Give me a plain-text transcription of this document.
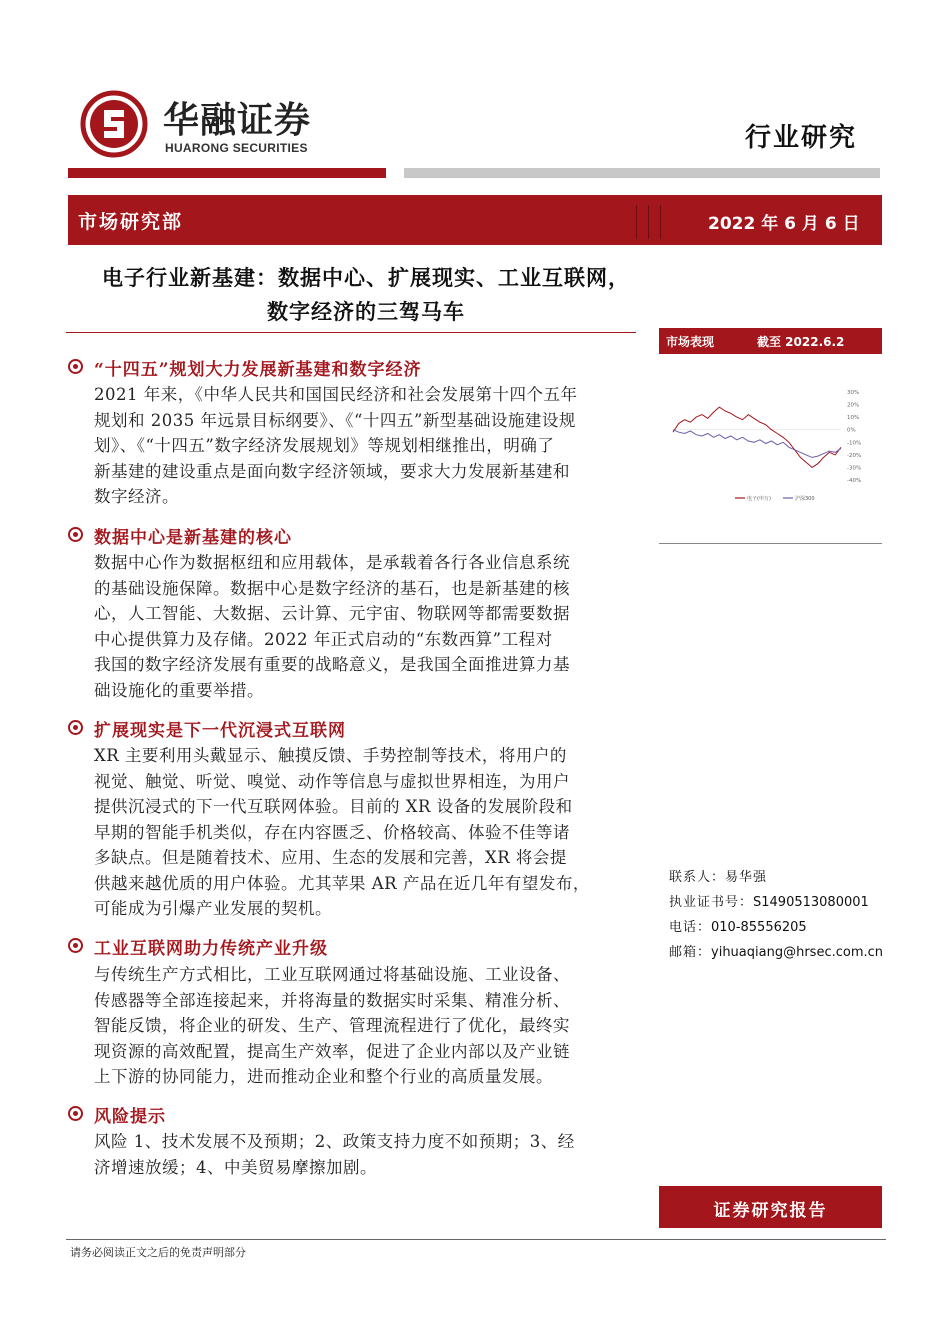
华融证券
HUARONG SECURITIES	行业研究
市场研究部	2022 年 6 月 6 日
电子行业新基建：数据中心、扩展现实、工业互联网，
数字经济的三驾马车
“十四五”规划大力发展新基建和数字经济
2021 年来，《中华人民共和国国民经济和社会发展第十四个五年
规划和 2035 年远景目标纲要》、《“十四五”新型基础设施建设规
划》、《“十四五”数字经济发展规划》等规划相继推出，明确了
新基建的建设重点是面向数字经济领域，要求大力发展新基建和
数字经济。
数据中心是新基建的核心
数据中心作为数据枢纽和应用载体，是承载着各行各业信息系统
的基础设施保障。数据中心是数字经济的基石，也是新基建的核
心，人工智能、大数据、云计算、元宇宙、物联网等都需要数据
中心提供算力及存储。2022 年正式启动的“东数西算”工程对
我国的数字经济发展有重要的战略意义，是我国全面推进算力基
础设施化的重要举措。
扩展现实是下一代沉浸式互联网
XR 主要利用头戴显示、触摸反馈、手势控制等技术，将用户的
视觉、触觉、听觉、嗅觉、动作等信息与虚拟世界相连，为用户
提供沉浸式的下一代互联网体验。目前的 XR 设备的发展阶段和
早期的智能手机类似，存在内容匮乏、价格较高、体验不佳等诸
多缺点。但是随着技术、应用、生态的发展和完善，XR 将会提
供越来越优质的用户体验。尤其苹果 AR 产品在近几年有望发布，
可能成为引爆产业发展的契机。
工业互联网助力传统产业升级
与传统生产方式相比，工业互联网通过将基础设施、工业设备、
传感器等全部连接起来，并将海量的数据实时采集、精准分析、
智能反馈，将企业的研发、生产、管理流程进行了优化，最终实
现资源的高效配置，提高生产效率，促进了企业内部以及产业链
上下游的协同能力，进而推动企业和整个行业的高质量发展。
风险提示
风险 1、技术发展不及预期；2、政策支持力度不如预期；3、经
济增速放缓；4、中美贸易摩擦加剧。
市场表现	截至 2022.6.2
30%
20%
10%
0%
-10%
-20%
-30%
-40%
电子(申万)	沪深300
联系人：易华强
执业证书号：S1490513080001
电话：010-85556205
邮箱：yihuaqiang@hrsec.com.cn
证券研究报告
请务必阅读正文之后的免责声明部分
